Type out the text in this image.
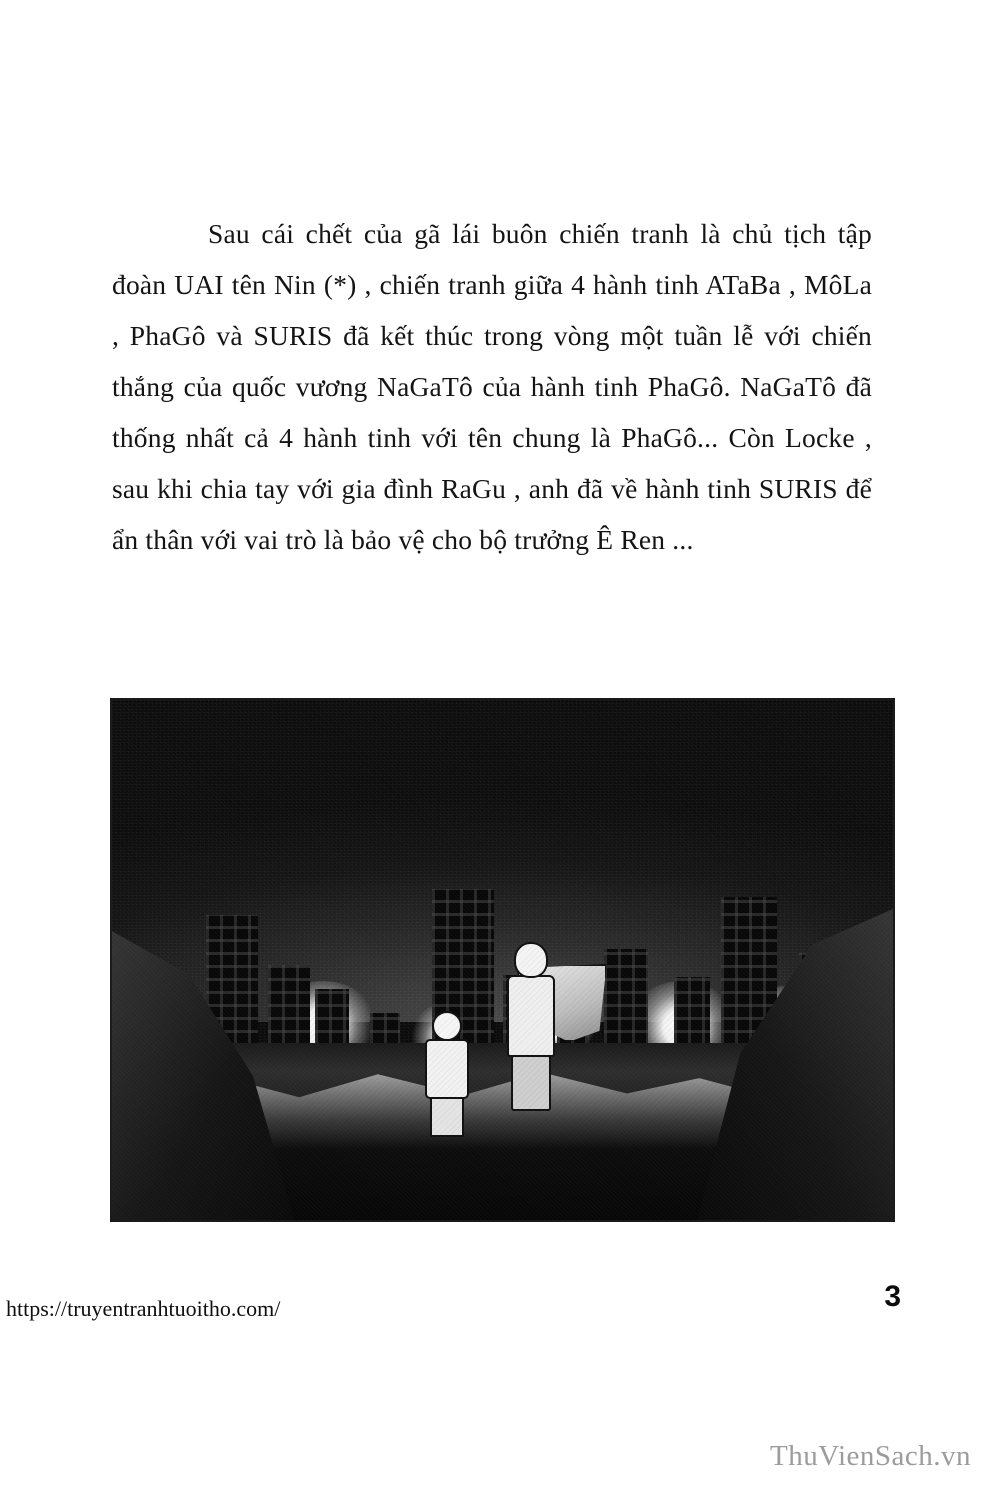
Sau cái chết của gã lái buôn chiến tranh là chủ tịch tập đoàn UAI tên Nin (*) , chiến tranh giữa 4 hành tinh ATaBa , MôLa , PhaGô và SURIS đã kết thúc trong vòng một tuần lễ với chiến thắng của quốc vương NaGaTô của hành tinh PhaGô. NaGaTô đã thống nhất cả 4 hành tinh với tên chung là PhaGô... Còn Locke , sau khi chia tay với gia đình RaGu , anh đã về hành tinh SURIS để ẩn thân với vai trò là bảo vệ cho bộ trưởng Ê Ren ...

https://truyentranhtuoitho.com/	3
ThuVienSach.vn
